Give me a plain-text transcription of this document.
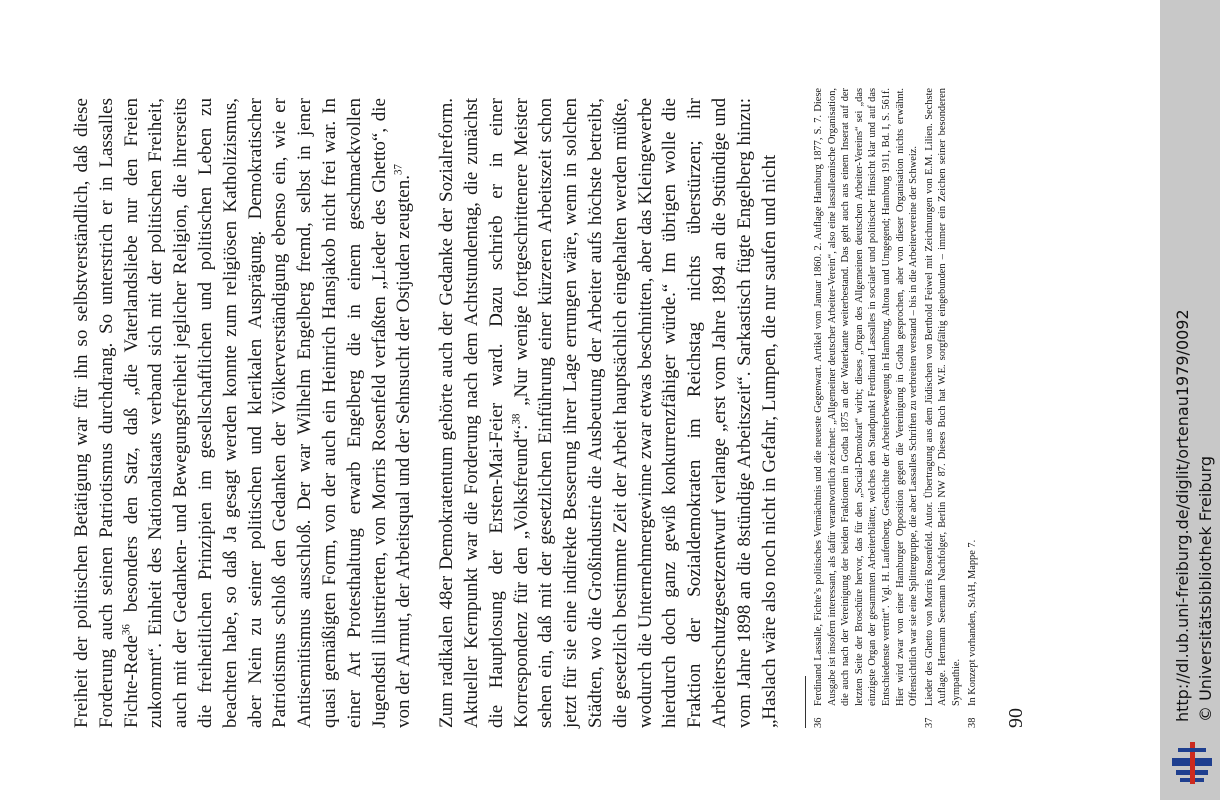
Freiheit der politischen Betätigung war für ihn so selbstverständlich, daß diese Forderung auch seinen Patriotismus durchdrang. So unterstrich er in Lassalles Fichte-Rede$^{36}$ besonders den Satz, daß „die Vaterlandsliebe nur den Freien zukommt“. Einheit des Nationalstaats verband sich mit der politischen Freiheit, auch mit der Gedanken- und Bewegungsfreiheit jeglicher Religion, die ihrerseits die freiheitlichen Prinzipien im gesellschaftlichen und politischen Leben zu beachten habe, so daß Ja gesagt werden konnte zum religiösen Katholizismus, aber Nein zu seiner politischen und klerikalen Ausprägung. Demokratischer Patriotismus schloß den Gedanken der Völkerverständigung ebenso ein, wie er Antisemitismus ausschloß. Der war Wilhelm Engelberg fremd, selbst in jener quasi gemäßigten Form, von der auch ein Heinrich Hansjakob nicht frei war. In einer Art Protesthaltung erwarb Engelberg die in einem geschmackvollen Jugendstil illustrierten, von Morris Rosenfeld verfaßten „Lieder des Ghetto“, die von der Armut, der Arbeitsqual und der Sehnsucht der Ostjuden zeugten.$^{37}$	Zum radikalen 48er Demokratentum gehörte auch der Gedanke der Sozialreform. Aktueller Kernpunkt war die Forderung nach dem Achtstundentag, die zunächst die Hauptlosung der Ersten-Mai-Feier ward. Dazu schrieb er in einer Korrespondenz für den „Volksfreund“:$^{38}$ „Nur wenige fortgeschrittenere Meister sehen ein, daß mit der gesetzlichen Einführung einer kürzeren Arbeitszeit schon jetzt für sie eine indirekte Besserung ihrer Lage errungen wäre, wenn in solchen Städten, wo die Großindustrie die Ausbeutung der Arbeiter aufs höchste betreibt, die gesetzlich bestimmte Zeit der Arbeit hauptsächlich eingehalten werden müßte, wodurch die Unternehmergewinne zwar etwas beschnitten, aber das Kleingewerbe hierdurch doch ganz gewiß konkurrenzfähiger würde.“ Im übrigen wolle die Fraktion der Sozialdemokraten im Reichstag nichts überstürzen; ihr Arbeiterschutzgesetzentwurf verlange „erst vom Jahre 1894 an die 9stündige und vom Jahre 1898 an die 8stündige Arbeitszeit“. Sarkastisch fügte Engelberg hinzu: „Haslach wäre also noch nicht in Gefahr, Lumpen, die nur saufen und nicht	36
Ferdinand Lassalle, Fichte’s politisches Vermächtnis und die neueste Gegenwart. Artikel vom Januar 1860. 2. Auflage Hamburg 1877, S. 7. Diese Ausgabe ist insofern interessant, als dafür verantwortlich zeichnet: „Allgemeiner deutscher Arbeiter-Verein“, also eine lassalleanische Organisation, die auch nach der Vereinigung der beiden Fraktionen in Gotha 1875 an der Waterkante weiterbestand. Das geht auch aus einem Inserat auf der letzten Seite der Broschüre hervor, das für den „Social-Demokrat“ wirbt; dieses „Organ des Allgemeinen deutschen Arbeiter-Vereins“ sei „das einzigste Organ der gesammten Arbeiterblätter, welches den Standpunkt Ferdinand Lassalles in socialer und politischer Hinsicht klar und auf das Entschiedenste vertritt“. Vgl. H. Laufenberg, Geschichte der Arbeiterbewegung in Hamburg, Altona und Umgegend; Hamburg 1911, Bd. I, S. 561f. Hier wird zwar von einer Hamburger Opposition gegen die Vereinigung in Gotha gesprochen, aber von dieser Organisation nichts erwähnt. Offensichtlich war sie eine Splittergruppe, die aber Lassalles Schriften zu verbreiten verstand – bis in die Arbeitervereine der Schweiz.
37
Lieder des Ghetto von Morris Rosenfeld. Autor. Übertragung aus dem Jüdischen von Berthold Feiwel mit Zeichnungen von E.M. Lilien. Sechste Auflage. Hermann Seemann Nachfolger, Berlin NW 87. Dieses Buch hat W.E. sorgfältig eingebunden – immer ein Zeichen seiner besonderen Sympathie.
38
In Konzept vorhanden, StAH, Mappe 7.
90	http://dl.ub.uni-freiburg.de/diglit/ortenau1979/0092 © Universitätsbibliothek Freiburg
